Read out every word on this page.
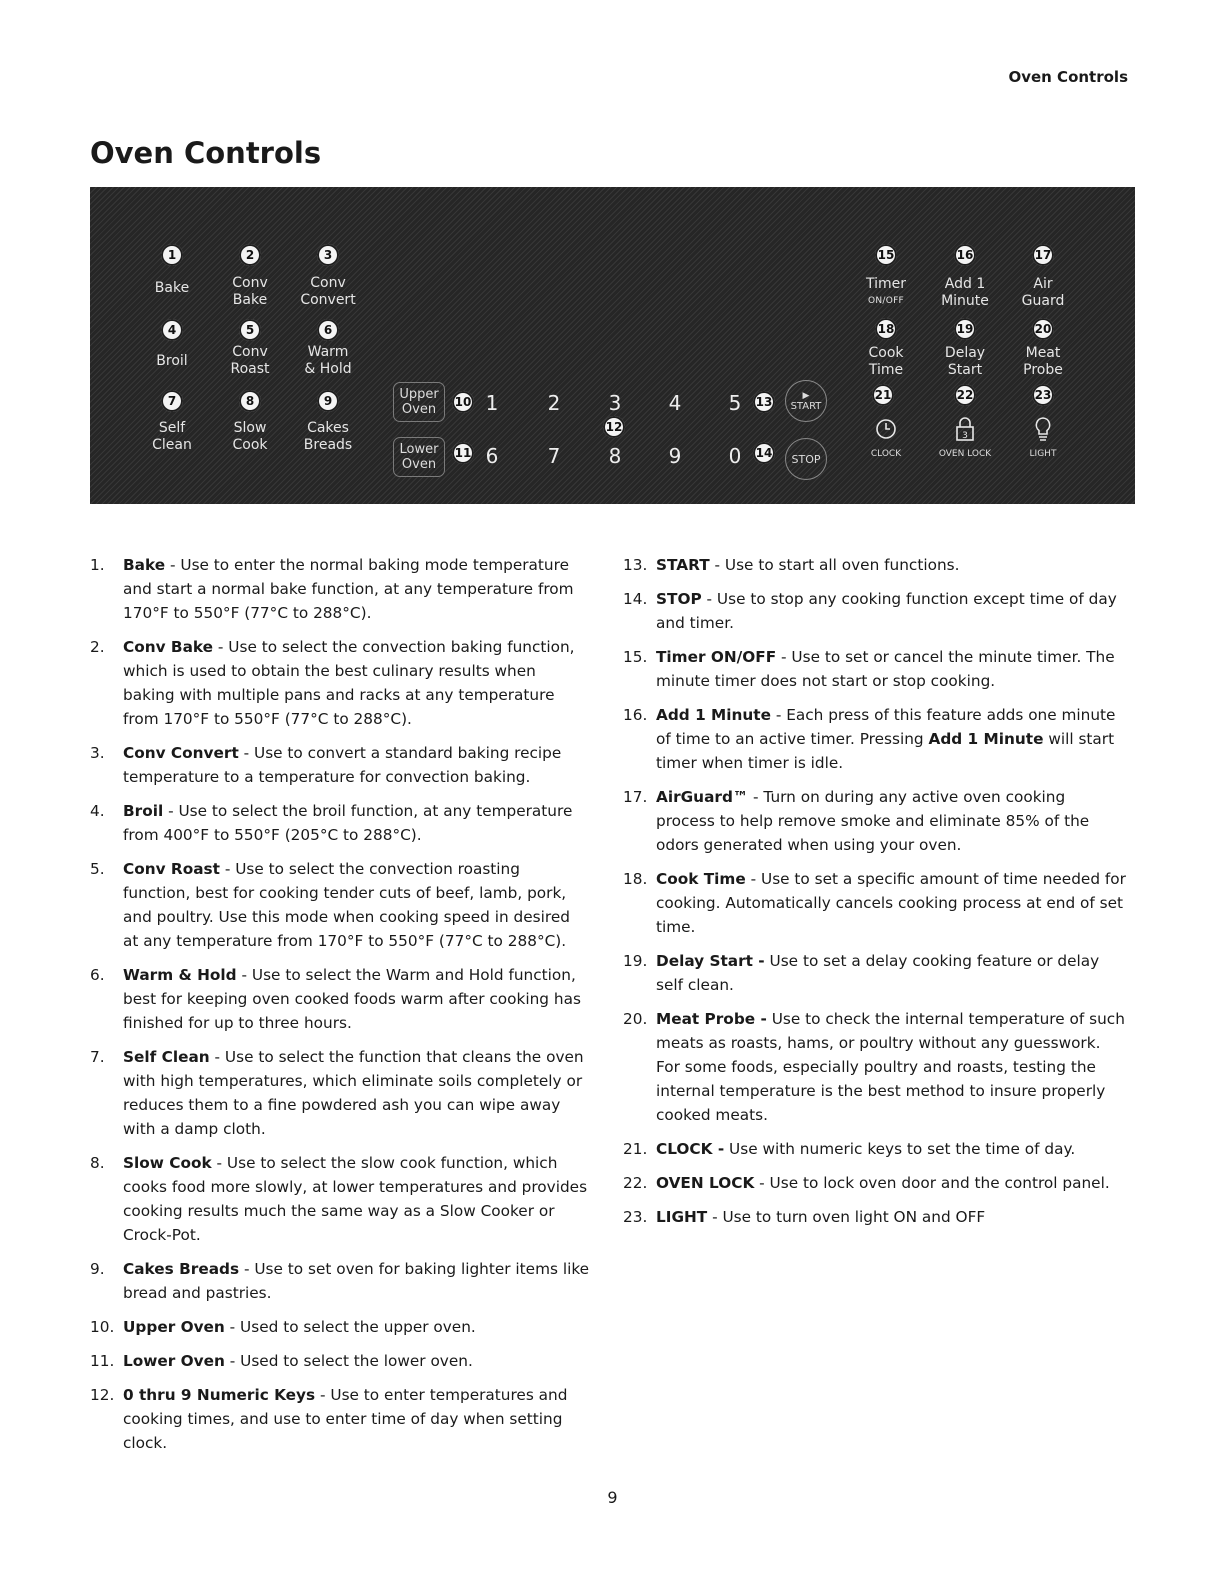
Oven Controls
Oven Controls
1
Bake
2
Conv
Bake
3
Conv
Convert
4
Broil
5
Conv
Roast
6
Warm
& Hold
7
Self
Clean
8
Slow
Cook
9
Cakes
Breads
Upper
Oven	10
Lower
Oven
11
1 2 3 4 5
12
6 7 8 9 0
13	▶
START
14 STOP
15
Timer
ON/OFF
16
Add 1
Minute
17
Air
Guard
18
Cook
Time
19
Delay
Start
20
Meat
Probe
21
CLOCK
22
3
OVEN LOCK
23
LIGHT
1. Bake - Use to enter the normal baking mode temperature and start a normal bake function, at any temperature from 170°F to 550°F (77°C to 288°C).
2. Conv Bake - Use to select the convection baking function, which is used to obtain the best culinary results when baking with multiple pans and racks at any temperature from 170°F to 550°F (77°C to 288°C).
3. Conv Convert - Use to convert a standard baking recipe temperature to a temperature for convection baking.
4. Broil - Use to select the broil function, at any temperature from 400°F to 550°F (205°C to 288°C).
5. Conv Roast - Use to select the convection roasting function, best for cooking tender cuts of beef, lamb, pork, and poultry. Use this mode when cooking speed in desired at any temperature from 170°F to 550°F (77°C to 288°C).
6. Warm & Hold - Use to select the Warm and Hold function, best for keeping oven cooked foods warm after cooking has finished for up to three hours.
7. Self Clean - Use to select the function that cleans the oven with high temperatures, which eliminate soils completely or reduces them to a fine powdered ash you can wipe away with a damp cloth.
8. Slow Cook - Use to select the slow cook function, which cooks food more slowly, at lower temperatures and provides cooking results much the same way as a Slow Cooker or Crock-Pot.
9. Cakes Breads - Use to set oven for baking lighter items like bread and pastries.
10. Upper Oven - Used to select the upper oven.
11. Lower Oven - Used to select the lower oven.
12. 0 thru 9 Numeric Keys - Use to enter temperatures and cooking times, and use to enter time of day when setting clock.
13. START - Use to start all oven functions.
14. STOP - Use to stop any cooking function except time of day and timer.
15. Timer ON/OFF - Use to set or cancel the minute timer. The minute timer does not start or stop cooking.
16. Add 1 Minute - Each press of this feature adds one minute of time to an active timer. Pressing Add 1 Minute will start timer when timer is idle.
17. AirGuard™ - Turn on during any active oven cooking process to help remove smoke and eliminate 85% of the odors generated when using your oven.
18. Cook Time - Use to set a specific amount of time needed for cooking. Automatically cancels cooking process at end of set time.
19. Delay Start - Use to set a delay cooking feature or delay self clean.
20. Meat Probe - Use to check the internal temperature of such meats as roasts, hams, or poultry without any guesswork. For some foods, especially poultry and roasts, testing the internal temperature is the best method to insure properly cooked meats.
21. CLOCK - Use with numeric keys to set the time of day.
22. OVEN LOCK - Use to lock oven door and the control panel.
23. LIGHT - Use to turn oven light ON and OFF
9
